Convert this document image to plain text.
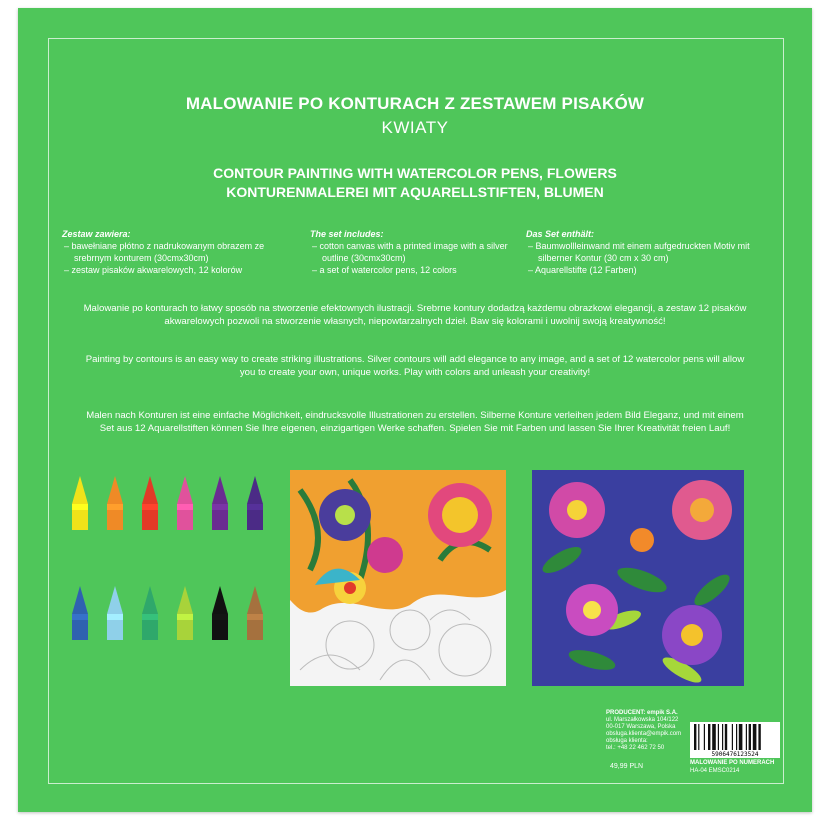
MALOWANIE PO KONTURACH Z ZESTAWEM PISAKÓW
KWIATY
CONTOUR PAINTING WITH WATERCOLOR PENS, FLOWERS
KONTURENMALEREI MIT AQUARELLSTIFTEN, BLUMEN
Zestaw zawiera:
– bawełniane płótno z nadrukowanym obrazem ze srebrnym konturem (30cmx30cm)
– zestaw pisaków akwarelowych, 12 kolorów
The set includes:
– cotton canvas with a printed image with a silver outline (30cmx30cm)
– a set of watercolor pens, 12 colors
Das Set enthält:
– Baumwollleinwand mit einem aufgedruckten Motiv mit silberner Kontur (30 cm x 30 cm)
– Aquarellstifte (12 Farben)
Malowanie po konturach to łatwy sposób na stworzenie efektownych ilustracji. Srebrne kontury dodadzą każdemu obrazkowi elegancji, a zestaw 12 pisaków akwarelowych pozwoli na stworzenie własnych, niepowtarzalnych dzieł. Baw się kolorami i uwolnij swoją kreatywność!
Painting by contours is an easy way to create striking illustrations. Silver contours will add elegance to any image, and a set of 12 watercolor pens will allow you to create your own, unique works. Play with colors and unleash your creativity!
Malen nach Konturen ist eine einfache Möglichkeit, eindrucksvolle Illustrationen zu erstellen. Silberne Konture verleihen jedem Bild Eleganz, und mit einem Set aus 12 Aquarellstiften können Sie Ihre eigenen, einzigartigen Werke schaffen. Spielen Sie mit Farben und lassen Sie Ihrer Kreativität freien Lauf!
PRODUCENT: empik S.A.
ul. Marszałkowska 104/122
00-017 Warszawa, Polska
obsluga.klienta@empik.com
obsługa klienta:
tel.: +48 22 462 72 50
5906476123524
MALOWANIE PO NUMERACH
HA-04 EMSC0214
49,99 PLN
